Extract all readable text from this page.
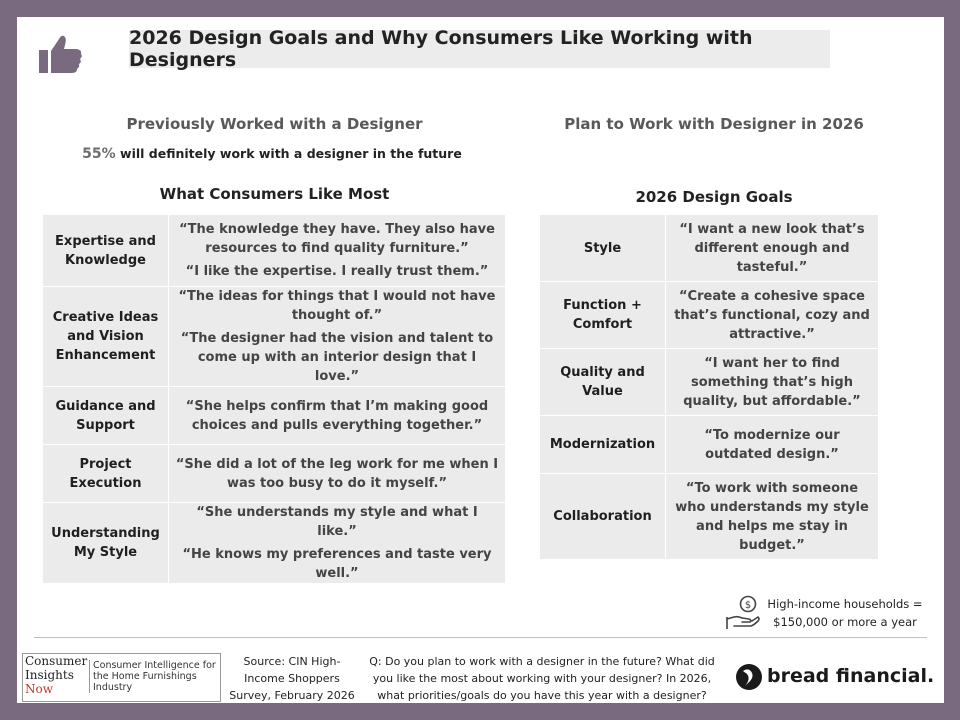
2026 Design Goals and Why Consumers Like Working with Designers
Previously Worked with a Designer
55% will definitely work with a designer in the future
What Consumers Like Most
Plan to Work with Designer in 2026
2026 Design Goals
Expertise and Knowledge	“The knowledge they have. They also have resources to find quality furniture.”

“I like the expertise. I really trust them.”

Creative Ideas and Vision Enhancement	“The ideas for things that I would not have thought of.”

“The designer had the vision and talent to come up with an interior design that I love.”

Guidance and Support	“She helps confirm that I’m making good choices and pulls everything together.”

Project Execution	“She did a lot of the leg work for me when I was too busy to do it myself.”

Understanding My Style	“She understands my style and what I like.”

“He knows my preferences and taste very well.”

Style	“I want a new look that’s different enough and tasteful.”
Function + Comfort	“Create a cohesive space that’s functional, cozy and attractive.”
Quality and Value	“I want her to find something that’s high quality, but affordable.”
Modernization	“To modernize our outdated design.”
Collaboration	“To work with someone who understands my style and helps me stay in budget.”
$ High-income households = $150,000 or more a year
Consumer
Insights
Now
Consumer Intelligence for the Home Furnishings Industry
Source: CIN High-Income Shoppers Survey, February 2026
Q: Do you plan to work with a designer in the future? What did you like the most about working with your designer? In 2026, what priorities/goals do you have this year with a designer?
bread financial.
